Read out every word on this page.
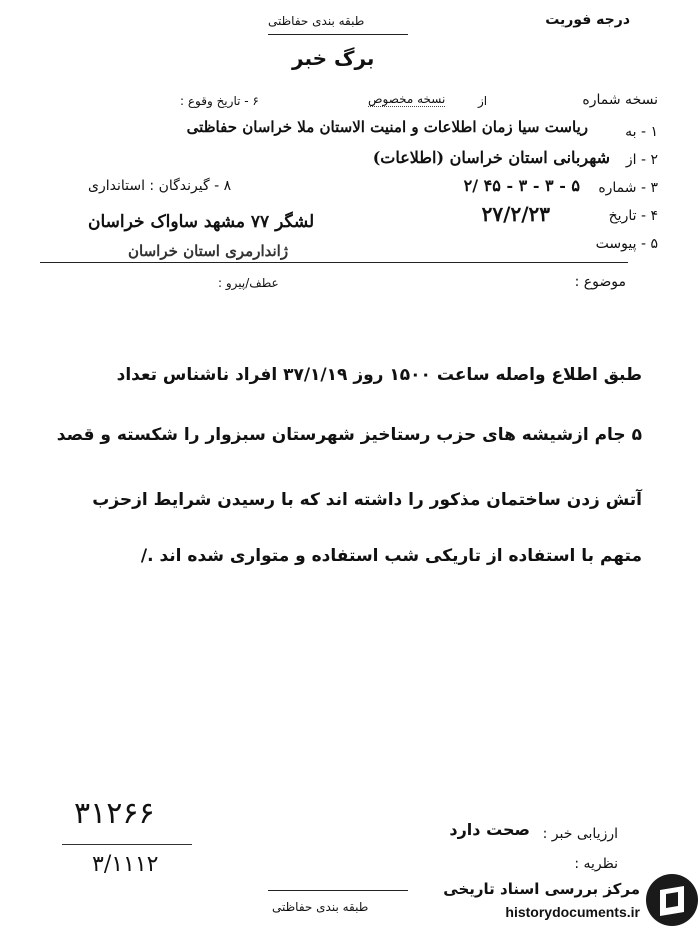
درجه فوریت
طبقه بندی حفاظتی
برگ خبر
نسخه شماره
از
نسخه مخصوص
۶ - تاریخ وقوع :
۱ - به
ریاست سیا زمان اطلاعات و امنیت الاستان ملا خراسان حفاظتی
۲ - از
شهربانی استان خراسان (اطلاعات)
۳ - شماره
۲/ ۴۵ - ۳ - ۳ - ۵
۴ - تاریخ
۲۷/۲/۲۳
۵ - پیوست
۸ - گیرندگان : استانداری
لشگر ۷۷ مشهد ساواک خراسان
ژاندارمری استان خراسان
موضوع :
عطف/پیرو :
طبق اطلاع واصله ساعت ۱۵۰۰ روز ۳۷/۱/۱۹ افراد ناشناس تعداد
۵ جام ازشیشه های حزب رستاخیز شهرستان سبزوار را شکسته و قصد
آتش زدن ساختمان مذکور را داشته اند که با رسیدن شرایط ازحزب
متهم با استفاده از تاریکی شب استفاده و متواری شده اند ./
۳۱۲۶۶
۳/۱۱۱۲
ارزیابی خبر :
صحت دارد
نظریه :
طبقه بندی حفاظتی
مرکز بررسی اسناد تاریخی
historydocuments.ir
